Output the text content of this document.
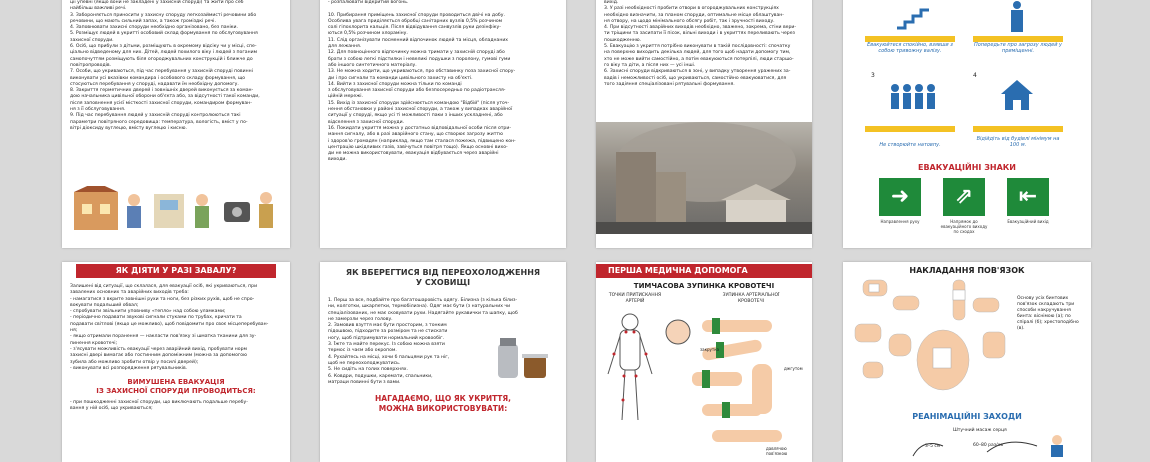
ції упевні (якщо вони не закладені у захисній споруді) та жити про себ

найбільш важливі речі.

3. Забороняється приносити у захисну споруду легкозаймисті речовини або

речовини, що мають сильний запах, а також громіздкі речі.

4. Заповнювати захисні споруди необхідно організовано, без паніки.

5. Розміщує людей в укритті особовий склад формування по обслуговування

захисної споруди.

6. Осіб, що прибули з дітьми, розміщують в окремому відсіку чи у місці, спе-

ціально відведеному для них. Дітей, людей похилого віку і людей з поганим

самопочуттям розміщують біля огороджувальних конструкцій і ближче до

повітропроводів.

7. Особи, що укриваються, під час перебування у захисній споруді повинні

виконувати усі вказівки командира і особового складу формування, що

стосуються перебування у споруді, надавати їм необхідну допомогу.

8. Закриття герметичних дверей і зовнішніх дверей виконується за коман-

дою начальника цивільної оборони об'єкта або, за відсутності такої команди,

після заповнення усієї місткості захисної споруди, командиром формуван-

ня з її обслуговування.

9. Під час перебування людей у захисній споруді контролюються такі

параметри повітряного середовища: температура, вологість, вміст у по-

вітрі діоксиду вуглецю, вмісту вуглецю і кисню.

- розпалювати відкритий вогонь.

10. Прибирання приміщень захисної споруди проводиться двічі на добу.

Особлива увага приділяється обробці санітарних вузлів 0,5% розчином

солі гіпохлорита кальція. Після відвідування санвузлів руки дезінфіку-

ються 0,5% розчином хлораміну.

11. Слід організувати посменний відпочинок людей та місця, обладнаних

для лежання.

12. Для повноцінного відпочинку можна тримати у захисній споруді або

брати з собою легкі підстилки і невеликі подушки з поролону, гумові гуми

або іншого синтетичного матеріалу.

13. Не можна ходити, що укриваються, про обставинку поза захисної спору-

ди і про сигнали та команди цивільного захисту на об'єкті.

14. Вийти з захисної споруди можна тільки по команді

з обслуговування захисної споруди або безпосередньо по радіотрансля-

ційній мережі.

15. Вихід із захисної споруди здійснюється командою "Відбій" (після уточ-

нення обстановки у районі захисної споруди, а також у випадках аварійної

ситуації у споруді, якщо усі ті можливості паки з інших ускладнені, або

відселення з захисної споруди.

16. Покидати укриття можна у достатньо відповідальної особи після отри-

мання сигналу, або в разі аварійного стану, що створює загрозу життю

і здоров'ю громадян (наприклад, якщо там сталася пожежа, підвищено кон-

центрацію шкідливих газів, завічуться повітря тощо). Якщо основні вихо-

ди не можна використовувати, евакуація відбувається через аварійні

виходи.

вихід.

3. У разі необхідності пробити отвори в огороджувальних конструкціях

необхідно визначити, за планом споруди, оптимальне місце облаштуван-

ня отвору, на щодо мінімального обсягу робіт, так і зручності виходу.

4. При відсутності аварійних виходів необхідно, зважено, зокрема, стіни вери-

ти тріщини та засипати її пісок, вільні виходи і в укриттях переливають через

пошкодженню.

5. Евакуацію з укриття потрібно виконувати в такій послідовності: спочатку

на поверхню виходить декілька людей, для того щоб надати допомогу тим,

хто не може вийти самостійно, а потім евакуюються потерпілі, люди старшо-

го віку та діти, а після них — усі інші.

6. Захисні споруди відкриваються в зоні, у випадку утворення уражених за-

вадів і неможливості осіб, що укриваються, самостійно евакуюватися, для

того задіяння спеціалізовані рятувальні формування.

Евакуюйтеся спокійно, взявши з собою тривожну валізу.
Попередьте про загрозу людей у приміщенні.
3	4
Не створюйте натовпу.
Відійдіть від будівлі мінімум на 100 м.
ЕВАКУАЦІЙНІ ЗНАКИ
➜	⇗	⇤
Направлення руху	Напрямок до евакуаційного виходу по сходах
Евакуаційний вихід
ЯК ДІЯТИ У РАЗІ ЗАВАЛУ?

Залишені від ситуації, що склалася, для евакуації осіб, які укриваються, при

завалених основних та аварійних виходів треба:

- намагатися з вкрите зовнішні рухи та ноги, без різких рухів, щоб не спро-

вокувати подальший обвал;

- спробувати звільнити уповниву «тепло» над собою уламками;

- періодично подавати звукові сигнали стуками по трубах, кричати та

подавати світлові (якщо це можливо), щоб повідомити про своє місцеперебуван-

ня;

- якщо отримали поранення — накласти пов'язку зі шматка тканини для зу-

пинення кровотечі;

- з'ясувати можливість евакуації через аварійний вихід, пробувати норм

захисні двері вимагає або гостинним допоміжним (можна за допомогою

зубила або можливо зробити отвір у посилі дверей);

- виконувати всі розпорядження рятувальників.

ВИМУШЕНА ЕВАКУАЦІЯ
ІЗ ЗАХИСНОЇ СПОРУДИ ПРОВОДИТЬСЯ:

- при пошкодженні захисної споруди, що виключають подальше перебу-

вання у ній осіб, що укриваються;

ЯК ВБЕРЕГТИСЯ ВІД ПЕРЕОХОЛОДЖЕННЯ
У СХОВИЩІ

1. Перш за все, подбайте про багатошаровість одягу. Білизна (з кілька білиз-

ни, колготки, шкарпетки, термобілизна). Одяг має бути (з натуральних чи

спеціалізованих, не має сковувати рухи. Надягайте рукавички та шапку, щоб

не замерзли через голову.

2. Замовив взуття має бути просторим, з тонким

підошвою, підходите за розміром та не стискати

ногу, щоб підтримувати нормальний кровообіг.

3. Їжте та майте перекус. Із собою можна взяти

термос із чаєм або окропом.

4. Рухайтесь на місці, хочи б пальцями рук та ніг,

щоб не переохолоджуватись.

5. Не сидіть на голих поверхнях.

6. Ковдри, подушки, каремати, спальники,

матраци повинні бути з вами.

НАГАДАЄМО, ЩО ЯК УКРИТТЯ,
МОЖНА ВИКОРИСТОВУВАТИ:
ПЕРША МЕДИЧНА ДОПОМОГА
ТИМЧАСОВА ЗУПИНКА КРОВОТЕЧІ
ТОЧКИ ПРИТИСКАННЯ
АРТЕРІЙ
ЗУПИНКА АРТЕРІАЛЬНОЇ
КРОВОТЕЧІ
закрутка
джгутом
давлячою пов'язкою
НАКЛАДАННЯ ПОВ'ЯЗОК
Основу усіх бинтових пов'язок складають три способи накручування бинта: віснімою (а); по спіралі (б); хрестоподібно (в).
РЕАНІМАЦІЙНІ ЗАХОДИ
Штучний масаж серця
60–80 раз/хв
3–5 см
